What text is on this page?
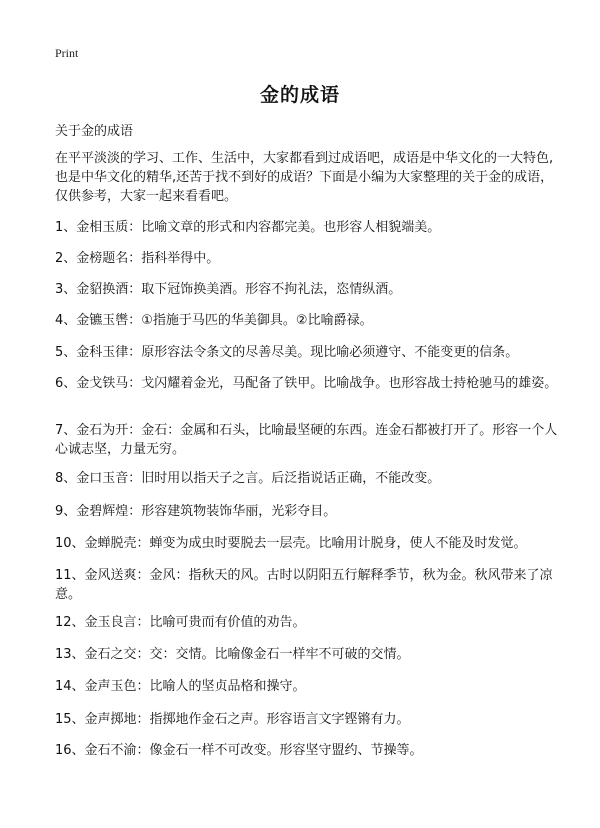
Print
金的成语
关于金的成语
在平平淡淡的学习、工作、生活中，大家都看到过成语吧，成语是中华文化的一大特色,也是中华文化的精华,还苦于找不到好的成语？下面是小编为大家整理的关于金的成语，仅供参考，大家一起来看看吧。
1、金相玉质：比喻文章的形式和内容都完美。也形容人相貌端美。
2、金榜题名：指科举得中。
3、金貂换酒：取下冠饰换美酒。形容不拘礼法，恣情纵酒。
4、金镳玉辔：①指施于马匹的华美御具。②比喻爵禄。
5、金科玉律：原形容法令条文的尽善尽美。现比喻必须遵守、不能变更的信条。
6、金戈铁马：戈闪耀着金光，马配备了铁甲。比喻战争。也形容战士持枪驰马的雄姿。
7、金石为开：金石：金属和石头，比喻最坚硬的东西。连金石都被打开了。形容一个人心诚志坚，力量无穷。
8、金口玉音：旧时用以指天子之言。后泛指说话正确，不能改变。
9、金碧辉煌：形容建筑物装饰华丽，光彩夺目。
10、金蝉脱壳：蝉变为成虫时要脱去一层壳。比喻用计脱身，使人不能及时发觉。
11、金风送爽：金风：指秋天的风。古时以阴阳五行解释季节，秋为金。秋风带来了凉意。
12、金玉良言：比喻可贵而有价值的劝告。
13、金石之交：交：交情。比喻像金石一样牢不可破的交情。
14、金声玉色：比喻人的坚贞品格和操守。
15、金声掷地：指掷地作金石之声。形容语言文字铿锵有力。
16、金石不渝：像金石一样不可改变。形容坚守盟约、节操等。
